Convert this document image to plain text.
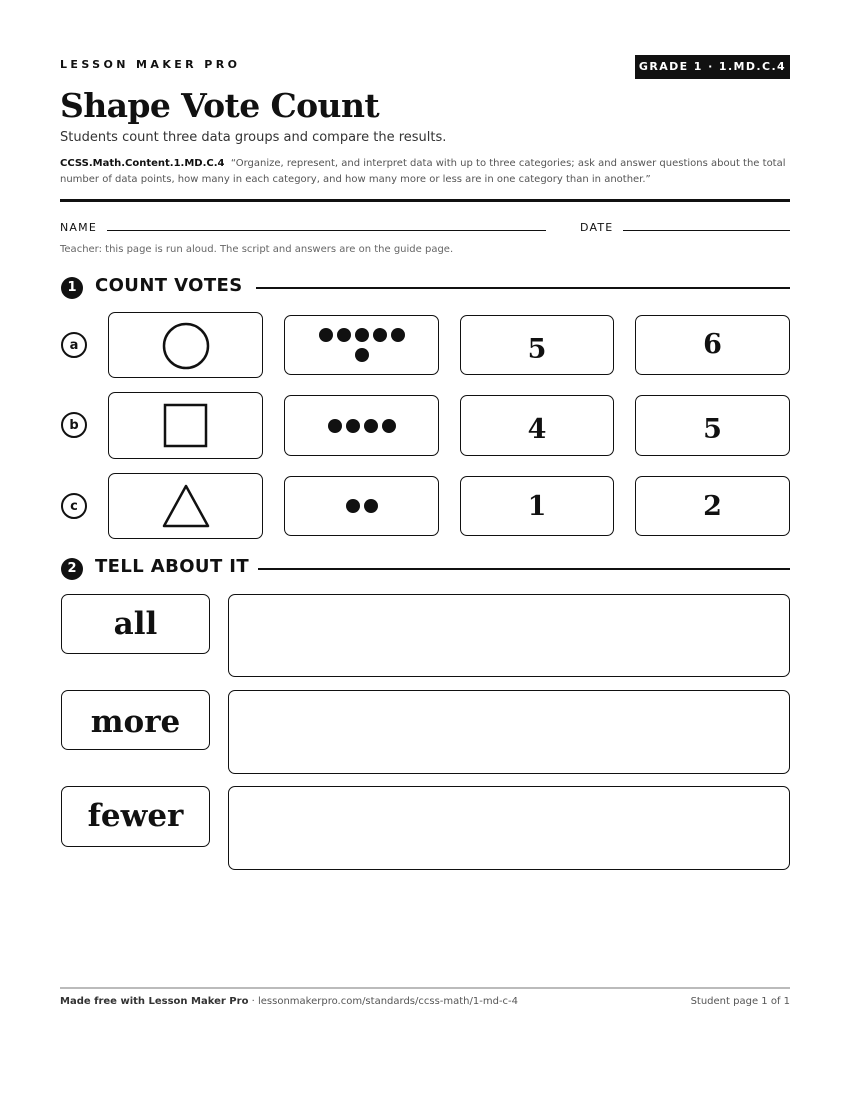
LESSON MAKER PRO	GRADE 1 · 1.MD.C.4
Shape Vote Count
Students count three data groups and compare the results.
CCSS.Math.Content.1.MD.C.4 “Organize, represent, and interpret data with up to three categories; ask and answer questions about the total number of data points, how many in each category, and how many more or less are in one category than in another.”
NAME	DATE
Teacher: this page is run aloud. The script and answers are on the guide page.
1	COUNT VOTES
a	5	6
b	4	5
c	1	2
2	TELL ABOUT IT
all
more
fewer
Made free with Lesson Maker Pro · lessonmakerpro.com/standards/ccss-math/1-md-c-4	Student page 1 of 1
